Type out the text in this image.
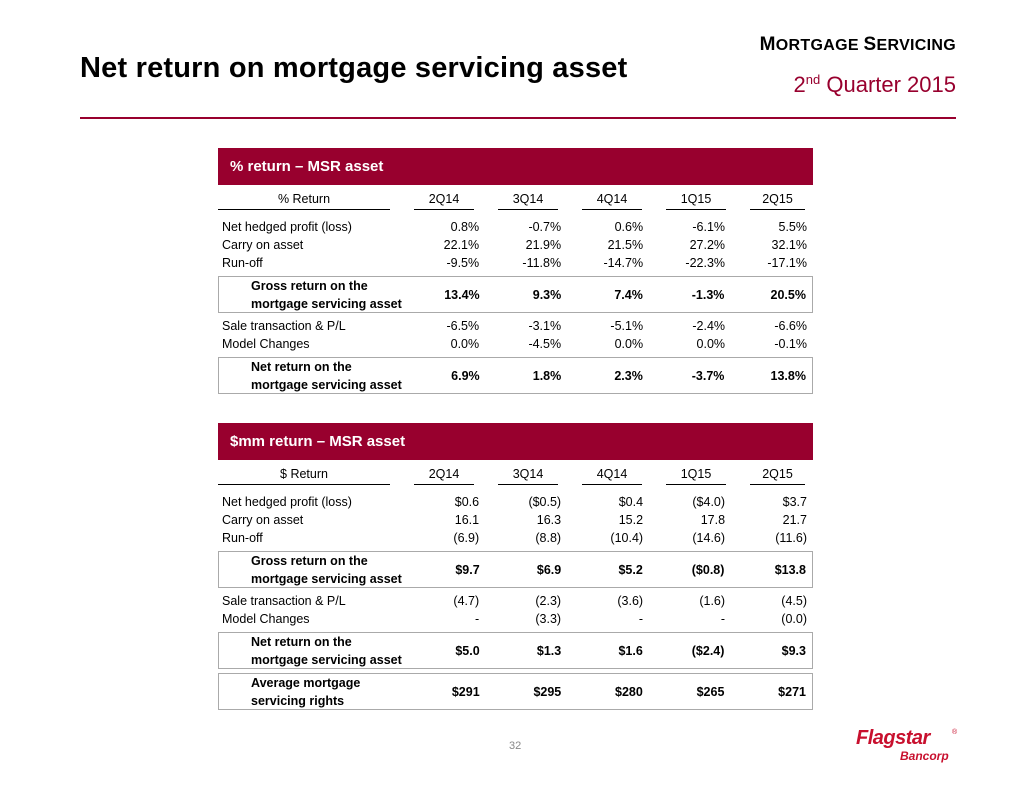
Net return on mortgage servicing asset
MORTGAGE SERVICING
2nd Quarter 2015
% return – MSR asset
% Return	2Q14	3Q14	4Q14	1Q15	2Q15
Net hedged profit (loss)	0.8%	-0.7%	0.6%	-6.1%	5.5%
Carry on asset	22.1%	21.9%	21.5%	27.2%	32.1%
Run-off	-9.5%	-11.8%	-14.7%	-22.3%	-17.1%
Gross return on the
mortgage servicing asset
13.4%	9.3%	7.4%	-1.3%	20.5%
Sale transaction & P/L	-6.5%	-3.1%	-5.1%	-2.4%	-6.6%
Model Changes	0.0%	-4.5%	0.0%	0.0%	-0.1%
Net return on the
mortgage servicing asset
6.9%	1.8%	2.3%	-3.7%	13.8%
$mm return – MSR asset
$ Return	2Q14	3Q14	4Q14	1Q15	2Q15
Net hedged profit (loss)	$0.6	($0.5)	$0.4	($4.0)	$3.7
Carry on asset	16.1	16.3	15.2	17.8	21.7
Run-off	(6.9)	(8.8)	(10.4)	(14.6)	(11.6)
Gross return on the
mortgage servicing asset
$9.7	$6.9	$5.2	($0.8)	$13.8
Sale transaction & P/L	(4.7)	(2.3)	(3.6)	(1.6)	(4.5)
Model Changes	-	(3.3)	-	-	(0.0)
Net return on the
mortgage servicing asset
$5.0	$1.3	$1.6	($2.4)	$9.3
Average mortgage
servicing rights
$291	$295	$280	$265	$271
32	Flagstar	®
Bancorp
